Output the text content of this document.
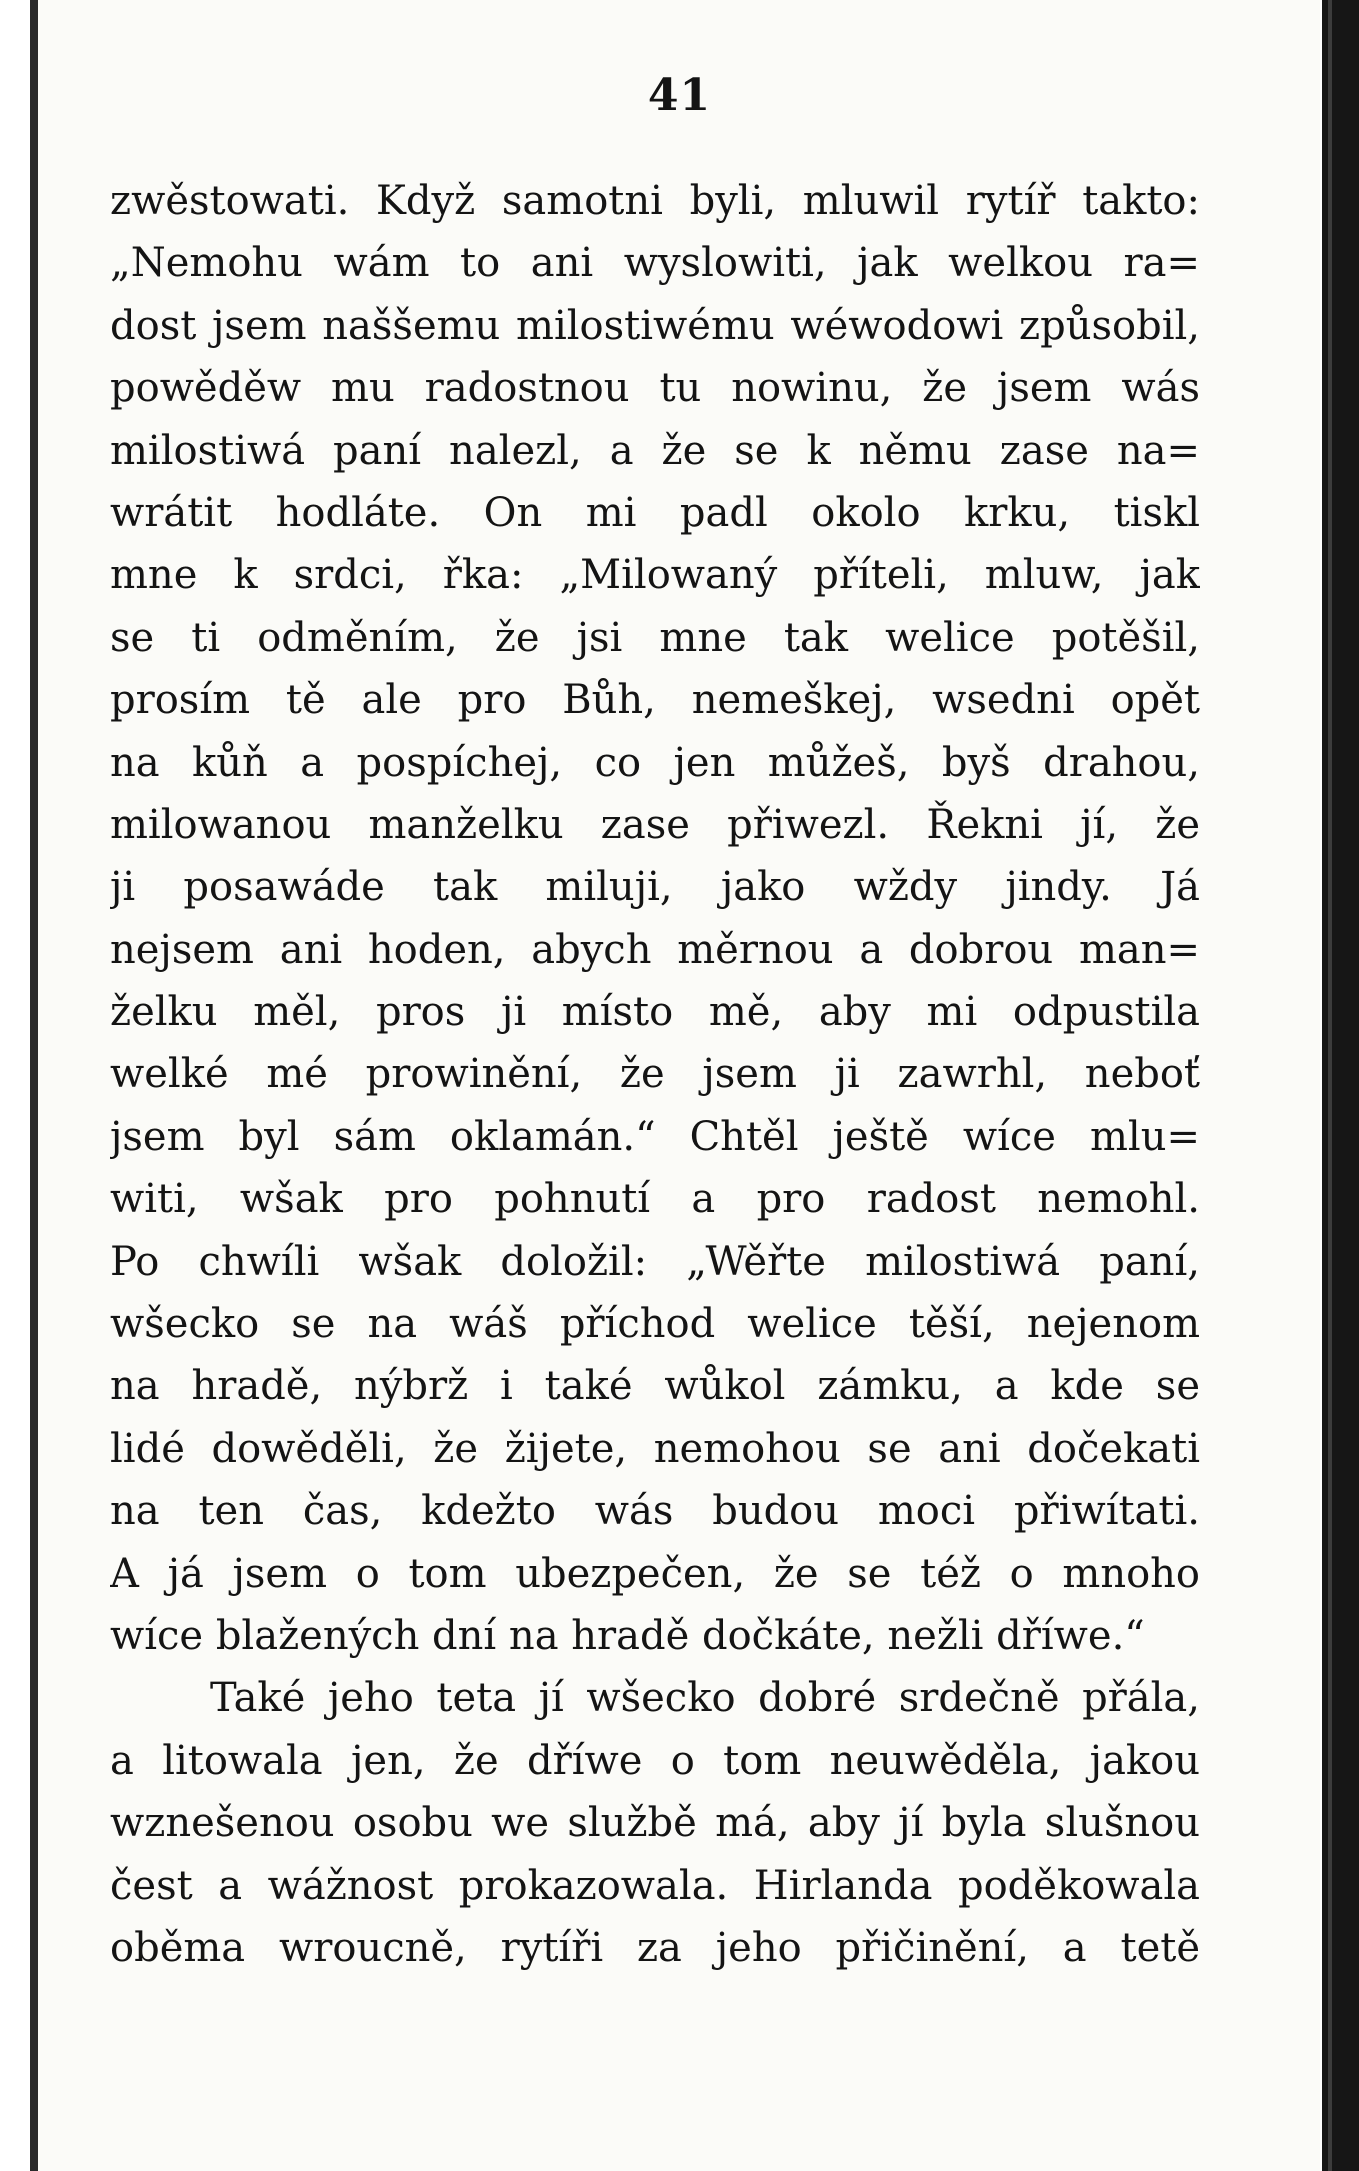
41
zwěstowati. Když samotni byli, mluwil rytíř takto:
„Nemohu wám to ani wyslowiti, jak welkou ra=
dost jsem naššemu milostiwému wéwodowi způsobil,
powěděw mu radostnou tu nowinu, že jsem wás
milostiwá paní nalezl, a že se k němu zase na=
wrátit hodláte. On mi padl okolo krku, tiskl
mne k srdci, řka: „Milowaný příteli, mluw, jak
se ti odměním, že jsi mne tak welice potěšil,
prosím tě ale pro Bůh, nemeškej, wsedni opět
na kůň a pospíchej, co jen můžeš, byš drahou,
milowanou manželku zase přiwezl. Řekni jí, že
ji posawáde tak miluji, jako wždy jindy. Já
nejsem ani hoden, abych měrnou a dobrou man=
želku měl, pros ji místo mě, aby mi odpustila
welké mé prowinění, že jsem ji zawrhl, neboť
jsem byl sám oklamán.“ Chtěl ještě wíce mlu=
witi, wšak pro pohnutí a pro radost nemohl.
Po chwíli wšak doložil: „Wěřte milostiwá paní,
wšecko se na wáš příchod welice těší, nejenom
na hradě, nýbrž i také wůkol zámku, a kde se
lidé dowěděli, že žijete, nemohou se ani dočekati
na ten čas, kdežto wás budou moci přiwítati.
A já jsem o tom ubezpečen, že se též o mnoho
wíce blažených dní na hradě dočkáte, nežli dříwe.“
Také jeho teta jí wšecko dobré srdečně přála,
a litowala jen, že dříwe o tom neuwěděla, jakou
wznešenou osobu we službě má, aby jí byla slušnou
čest a wážnost prokazowala. Hirlanda poděkowala
oběma wroucně, rytíři za jeho přičinění, a tetě
